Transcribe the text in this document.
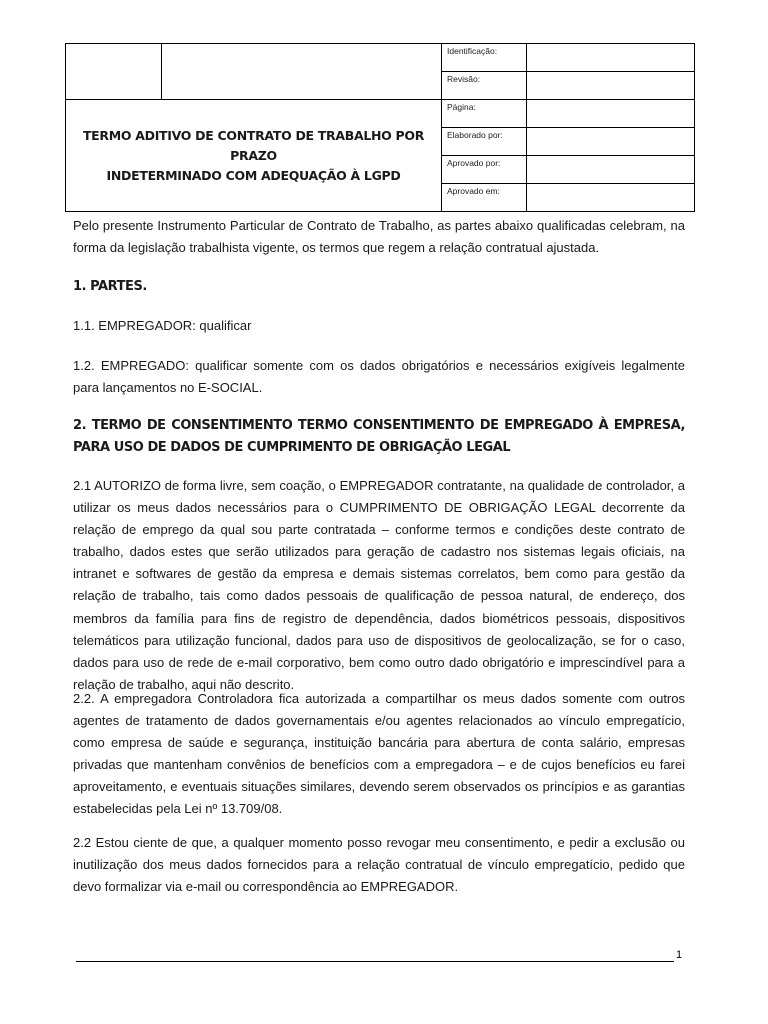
		Identificação:	
		Revisão:	

TERMO ADITIVO DE CONTRATO DE TRABALHO POR PRAZO
INDETERMINADO COM ADEQUAÇÃO À LGPD		Página:	
		Elaborado por:	
		Aprovado por:	
		Aprovado em:	

Pelo presente Instrumento Particular de Contrato de Trabalho, as partes abaixo qualificadas celebram, na forma da legislação trabalhista vigente, os termos que regem a relação contratual ajustada.

1. PARTES.

1.1. EMPREGADOR: qualificar

1.2. EMPREGADO: qualificar somente com os dados obrigatórios e necessários exigíveis legalmente para lançamentos no E-SOCIAL.

2. TERMO DE CONSENTIMENTO TERMO CONSENTIMENTO DE EMPREGADO À EMPRESA, PARA USO DE DADOS DE CUMPRIMENTO DE OBRIGAÇÃO LEGAL

2.1 AUTORIZO de forma livre, sem coação, o EMPREGADOR contratante, na qualidade de controlador, a utilizar os meus dados necessários para o CUMPRIMENTO DE OBRIGAÇÃO LEGAL decorrente da relação de emprego da qual sou parte contratada – conforme termos e condições deste contrato de trabalho, dados estes que serão utilizados para geração de cadastro nos sistemas legais oficiais, na intranet e softwares de gestão da empresa e demais sistemas correlatos, bem como para gestão da relação de trabalho, tais como dados pessoais de qualificação de pessoa natural, de endereço, dos membros da família para fins de registro de dependência, dados biométricos pessoais, dispositivos telemáticos para utilização funcional, dados para uso de dispositivos de geolocalização, se for o caso, dados para uso de rede de e-mail corporativo, bem como outro dado obrigatório e imprescindível para a relação de trabalho, aqui não descrito.

2.2. A empregadora Controladora fica autorizada a compartilhar os meus dados somente com outros agentes de tratamento de dados governamentais e/ou agentes relacionados ao vínculo empregatício, como empresa de saúde e segurança, instituição bancária para abertura de conta salário, empresas privadas que mantenham convênios de benefícios com a empregadora – e de cujos benefícios eu farei aproveitamento, e eventuais situações similares, devendo serem observados os princípios e as garantias estabelecidas pela Lei nº 13.709/08.

2.2 Estou ciente de que, a qualquer momento posso revogar meu consentimento, e pedir a exclusão ou inutilização dos meus dados fornecidos para a relação contratual de vínculo empregatício, pedido que devo formalizar via e-mail ou correspondência ao EMPREGADOR.

1
